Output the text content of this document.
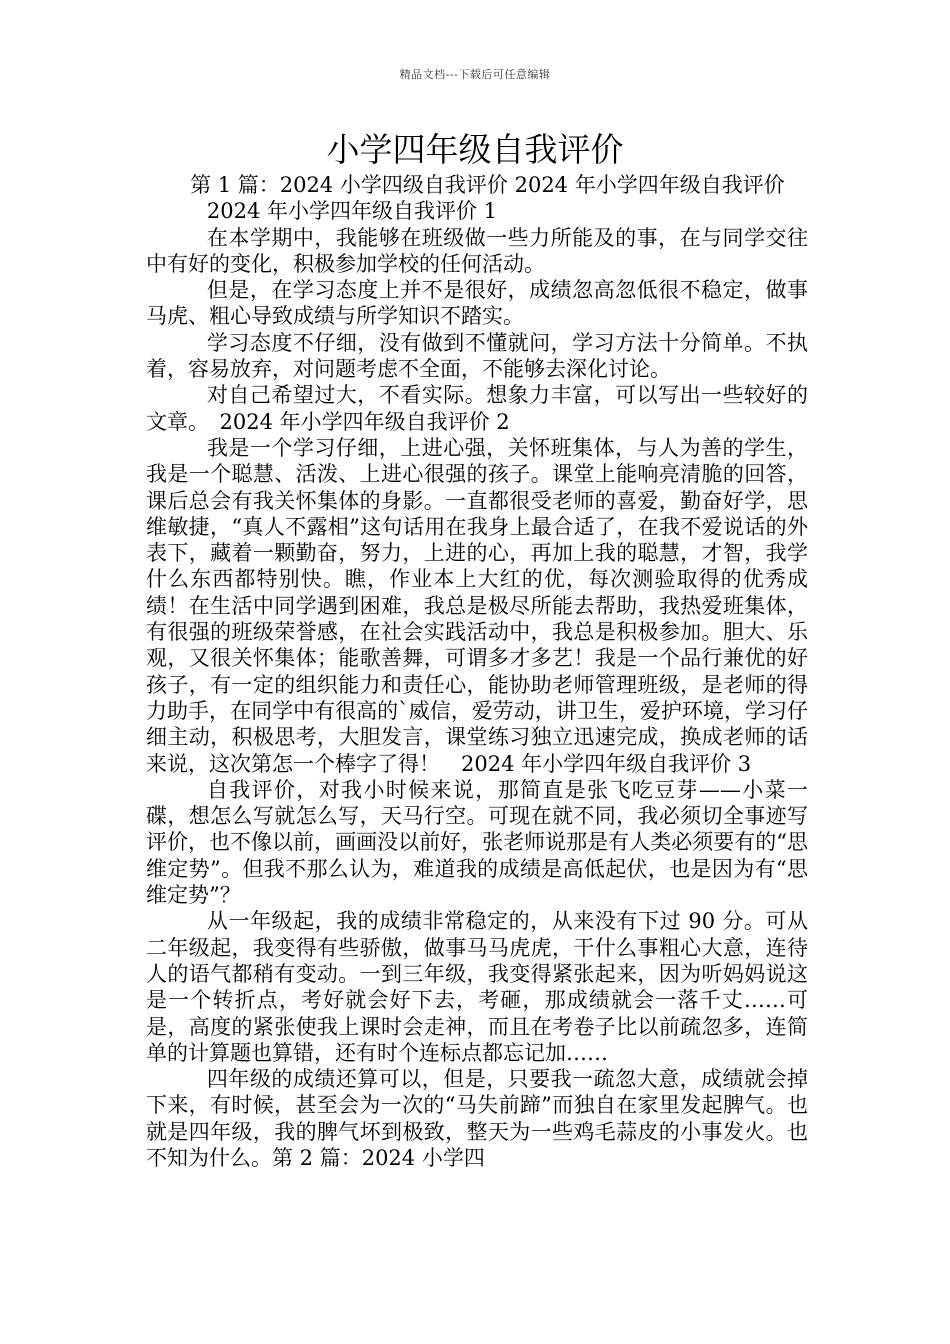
精品文档---下载后可任意编辑
小学四年级自我评价

第 1 篇：2024 小学四级自我评价 2024 年小学四年级自我评价

2024 年小学四年级自我评价 1

在本学期中，我能够在班级做一些力所能及的事，在与同学交往中有好的变化，积极参加学校的任何活动。

但是，在学习态度上并不是很好，成绩忽高忽低很不稳定，做事马虎、粗心导致成绩与所学知识不踏实。

学习态度不仔细，没有做到不懂就问，学习方法十分简单。不执着，容易放弃，对问题考虑不全面，不能够去深化讨论。

对自己希望过大，不看实际。想象力丰富，可以写出一些较好的文章。　2024 年小学四年级自我评价 2

我是一个学习仔细，上进心强，关怀班集体，与人为善的学生，我是一个聪慧、活泼、上进心很强的孩子。课堂上能响亮清脆的回答，课后总会有我关怀集体的身影。一直都很受老师的喜爱，勤奋好学，思维敏捷，“真人不露相”这句话用在我身上最合适了，在我不爱说话的外表下，藏着一颗勤奋，努力，上进的心，再加上我的聪慧，才智，我学什么东西都特别快。瞧，作业本上大红的优，每次测验取得的优秀成绩！在生活中同学遇到困难，我总是极尽所能去帮助，我热爱班集体，有很强的班级荣誉感，在社会实践活动中，我总是积极参加。胆大、乐观，又很关怀集体；能歌善舞，可谓多才多艺！我是一个品行兼优的好孩子，有一定的组织能力和责任心，能协助老师管理班级，是老师的得力助手，在同学中有很高的`威信，爱劳动，讲卫生，爱护环境，学习仔细主动，积极思考，大胆发言，课堂练习独立迅速完成，换成老师的话来说，这次第怎一个棒字了得！　2024 年小学四年级自我评价 3

自我评价，对我小时候来说，那简直是张飞吃豆芽——小菜一碟，想怎么写就怎么写，天马行空。可现在就不同，我必须切全事迹写评价，也不像以前，画画没以前好，张老师说那是有人类必须要有的“思维定势”。但我不那么认为，难道我的成绩是高低起伏，也是因为有“思维定势”？

从一年级起，我的成绩非常稳定的，从来没有下过 90 分。可从二年级起，我变得有些骄傲，做事马马虎虎，干什么事粗心大意，连待人的语气都稍有变动。一到三年级，我变得紧张起来，因为听妈妈说这是一个转折点，考好就会好下去，考砸，那成绩就会一落千丈……可是，高度的紧张使我上课时会走神，而且在考卷子比以前疏忽多，连简单的计算题也算错，还有时个连标点都忘记加……

四年级的成绩还算可以，但是，只要我一疏忽大意，成绩就会掉下来，有时候，甚至会为一次的“马失前蹄”而独自在家里发起脾气。也就是四年级，我的脾气坏到极致，整天为一些鸡毛蒜皮的小事发火。也不知为什么。第 2 篇：2024 小学四
